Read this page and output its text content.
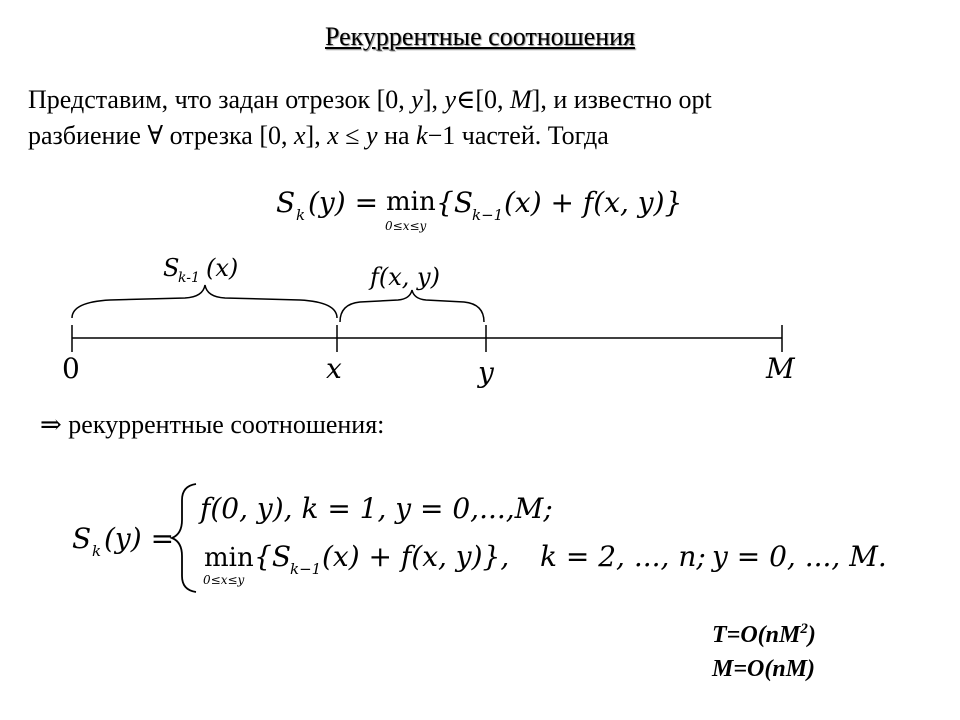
Рекуррентные соотношения
Представим, что задан отрезок [0, y], y∈[0, M], и известно opt
разбиение ∀ отрезка [0, x], x ≤ y на k−1 частей. Тогда
S k (y) = min
0≤x≤y
{S k−1 (x) + f(x, y)}
S
k-1 (x)	f(x, y)
0	x	y	M
S k (y) =
f(0, y), k = 1, y = 0,...,M;
min
0≤x≤y
{S k−1 (x) + f(x, y)}, k = 2, ..., n; y = 0, ..., M.
⇒ рекуррентные соотношения:
$T=O(nM^2)$
M=O(nM)
